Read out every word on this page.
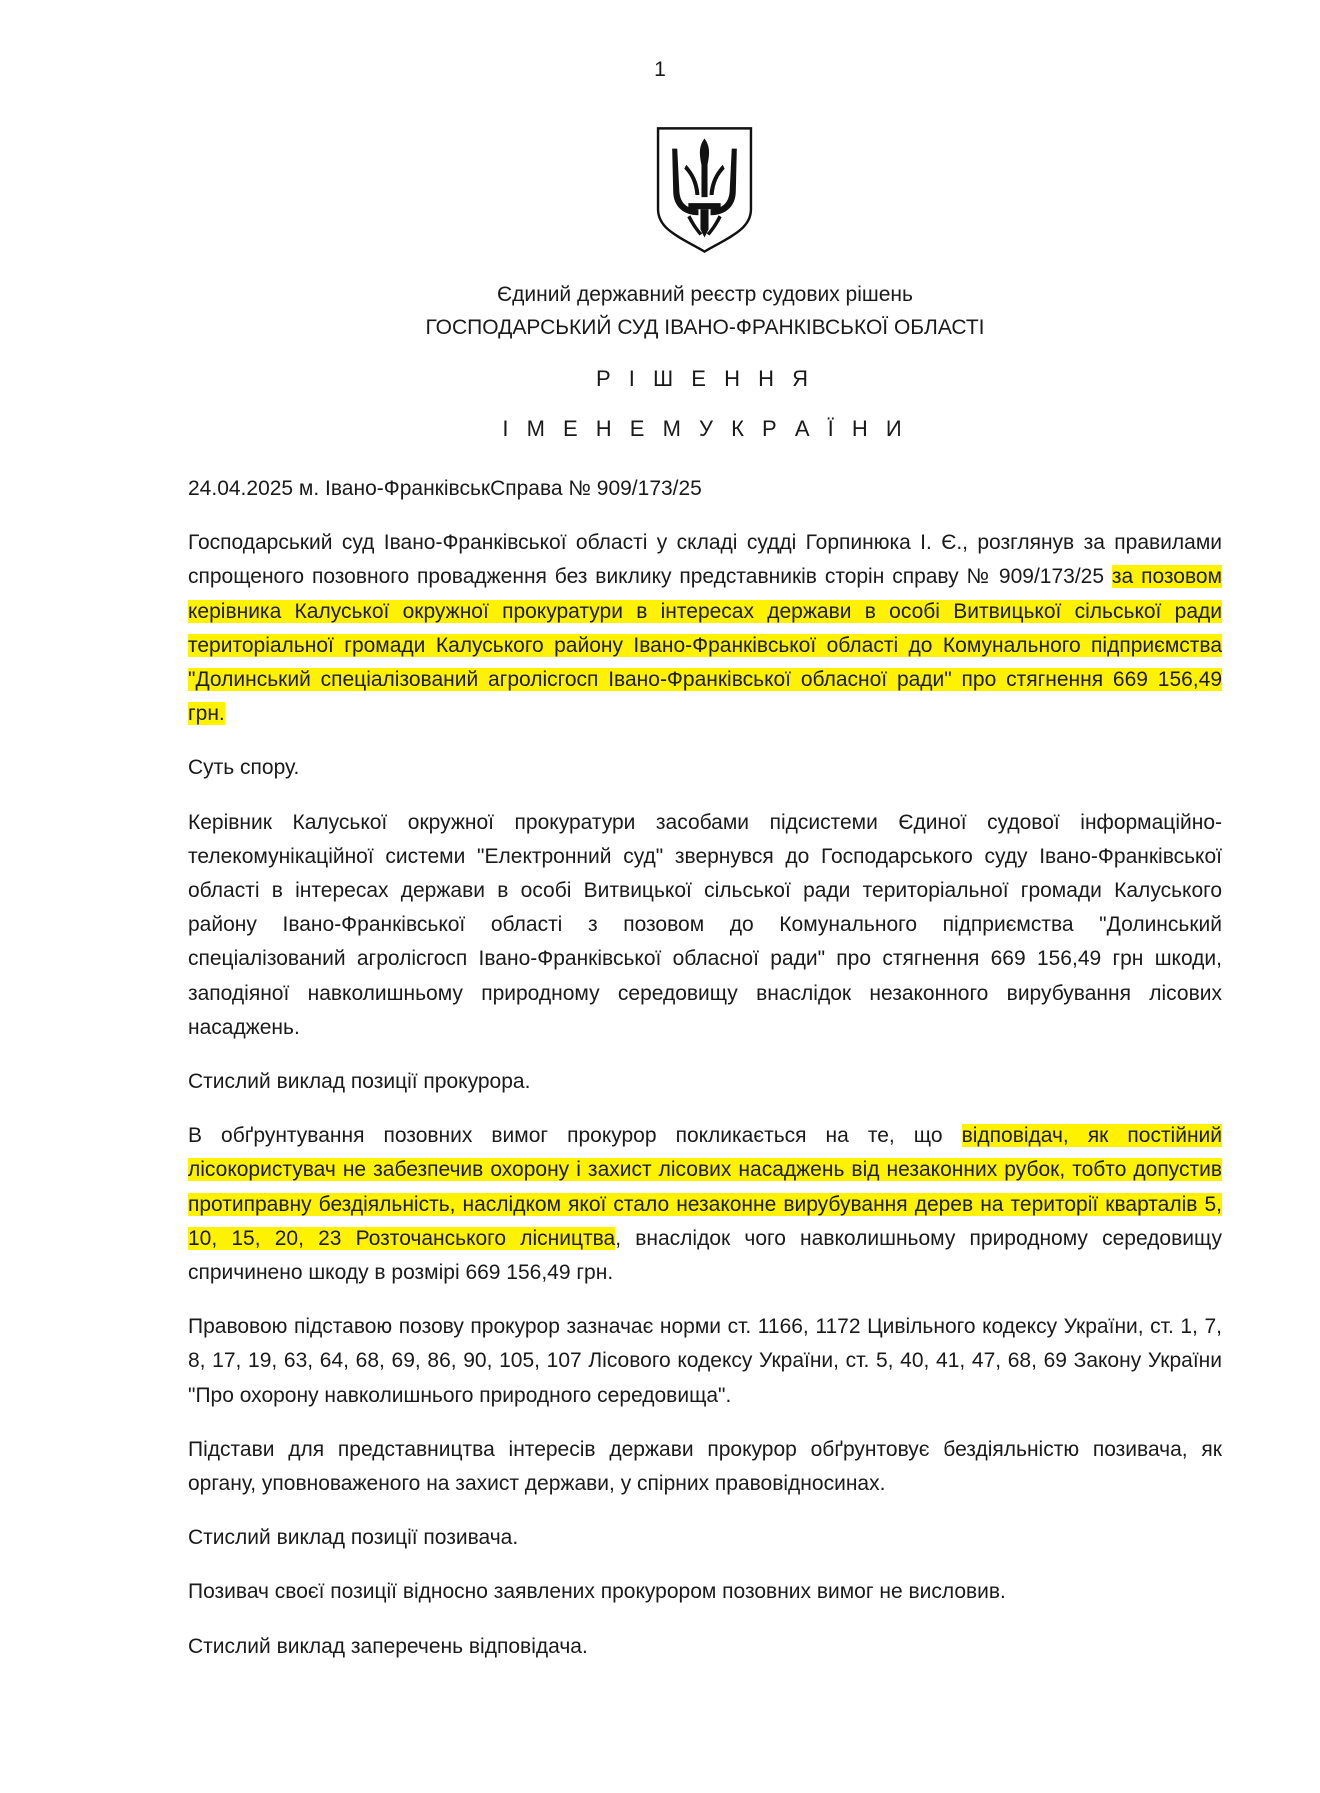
1

Єдиний державний реєстр судових рішень

ГОСПОДАРСЬКИЙ СУД ІВАНО-ФРАНКІВСЬКОЇ ОБЛАСТІ

Р І Ш Е Н Н Я

І М Е Н Е М У К Р А Ї Н И

24.04.2025 м. Івано-ФранківськСправа № 909/173/25

Господарський суд Івано-Франківської області у складі судді Горпинюка І. Є., розглянув за правилами спрощеного позовного провадження без виклику представників сторін справу № 909/173/25 за позовом керівника Калуської окружної прокуратури в інтересах держави в особі Витвицької сільської ради територіальної громади Калуського району Івано-Франківської області до Комунального підприємства "Долинський спеціалізований агролісгосп Івано-Франківської обласної ради" про стягнення 669 156,49 грн.

Суть спору.

Керівник Калуської окружної прокуратури засобами підсистеми Єдиної судової інформаційно-телекомунікаційної системи "Електронний суд" звернувся до Господарського суду Івано-Франківської області в інтересах держави в особі Витвицької сільської ради територіальної громади Калуського району Івано-Франківської області з позовом до Комунального підприємства "Долинський спеціалізований агролісгосп Івано-Франківської обласної ради" про стягнення 669 156,49 грн шкоди, заподіяної навколишньому природному середовищу внаслідок незаконного вирубування лісових насаджень.

Стислий виклад позиції прокурора.

В обґрунтування позовних вимог прокурор покликається на те, що відповідач, як постійний лісокористувач не забезпечив охорону і захист лісових насаджень від незаконних рубок, тобто допустив протиправну бездіяльність, наслідком якої стало незаконне вирубування дерев на території кварталів 5, 10, 15, 20, 23 Розточанського лісництва, внаслідок чого навколишньому природному середовищу спричинено шкоду в розмірі 669 156,49 грн.

Правовою підставою позову прокурор зазначає норми ст. 1166, 1172 Цивільного кодексу України, ст. 1, 7, 8, 17, 19, 63, 64, 68, 69, 86, 90, 105, 107 Лісового кодексу України, ст. 5, 40, 41, 47, 68, 69 Закону України "Про охорону навколишнього природного середовища".

Підстави для представництва інтересів держави прокурор обґрунтовує бездіяльністю позивача, як органу, уповноваженого на захист держави, у спірних правовідносинах.

Стислий виклад позиції позивача.

Позивач своєї позиції відносно заявлених прокурором позовних вимог не висловив.

Стислий виклад заперечень відповідача.
